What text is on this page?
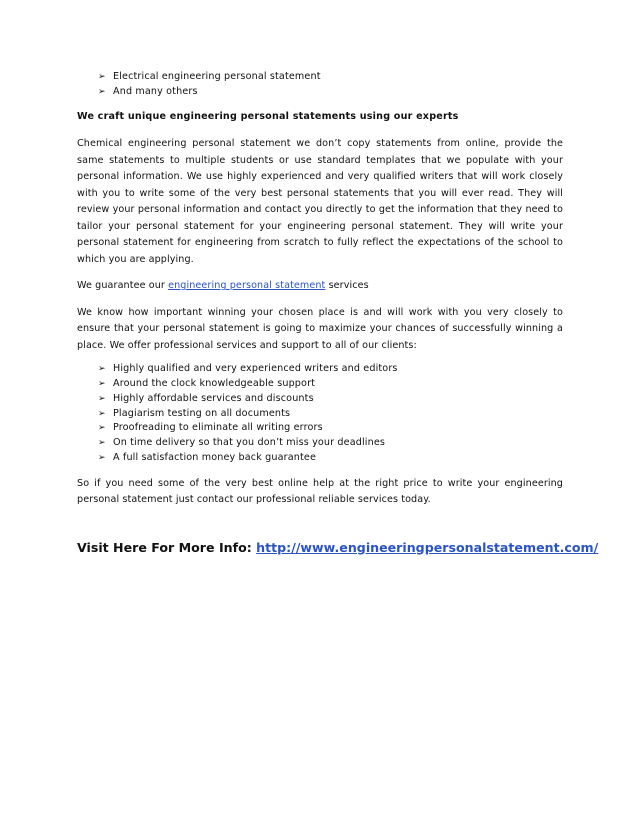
➢ Electrical engineering personal statement
➢ And many others
We craft unique engineering personal statements using our experts

Chemical engineering personal statement we don’t copy statements from online, provide the same statements to multiple students or use standard templates that we populate with your personal information. We use highly experienced and very qualified writers that will work closely with you to write some of the very best personal statements that you will ever read. They will review your personal information and contact you directly to get the information that they need to tailor your personal statement for your engineering personal statement. They will write your personal statement for engineering from scratch to fully reflect the expectations of the school to which you are applying.

We guarantee our engineering personal statement services

We know how important winning your chosen place is and will work with you very closely to ensure that your personal statement is going to maximize your chances of successfully winning a place. We offer professional services and support to all of our clients:

➢ Highly qualified and very experienced writers and editors
➢ Around the clock knowledgeable support
➢ Highly affordable services and discounts
➢ Plagiarism testing on all documents
➢ Proofreading to eliminate all writing errors
➢ On time delivery so that you don’t miss your deadlines
➢ A full satisfaction money back guarantee

So if you need some of the very best online help at the right price to write your engineering personal statement just contact our professional reliable services today.

Visit Here For More Info: http://www.engineeringpersonalstatement.com/
